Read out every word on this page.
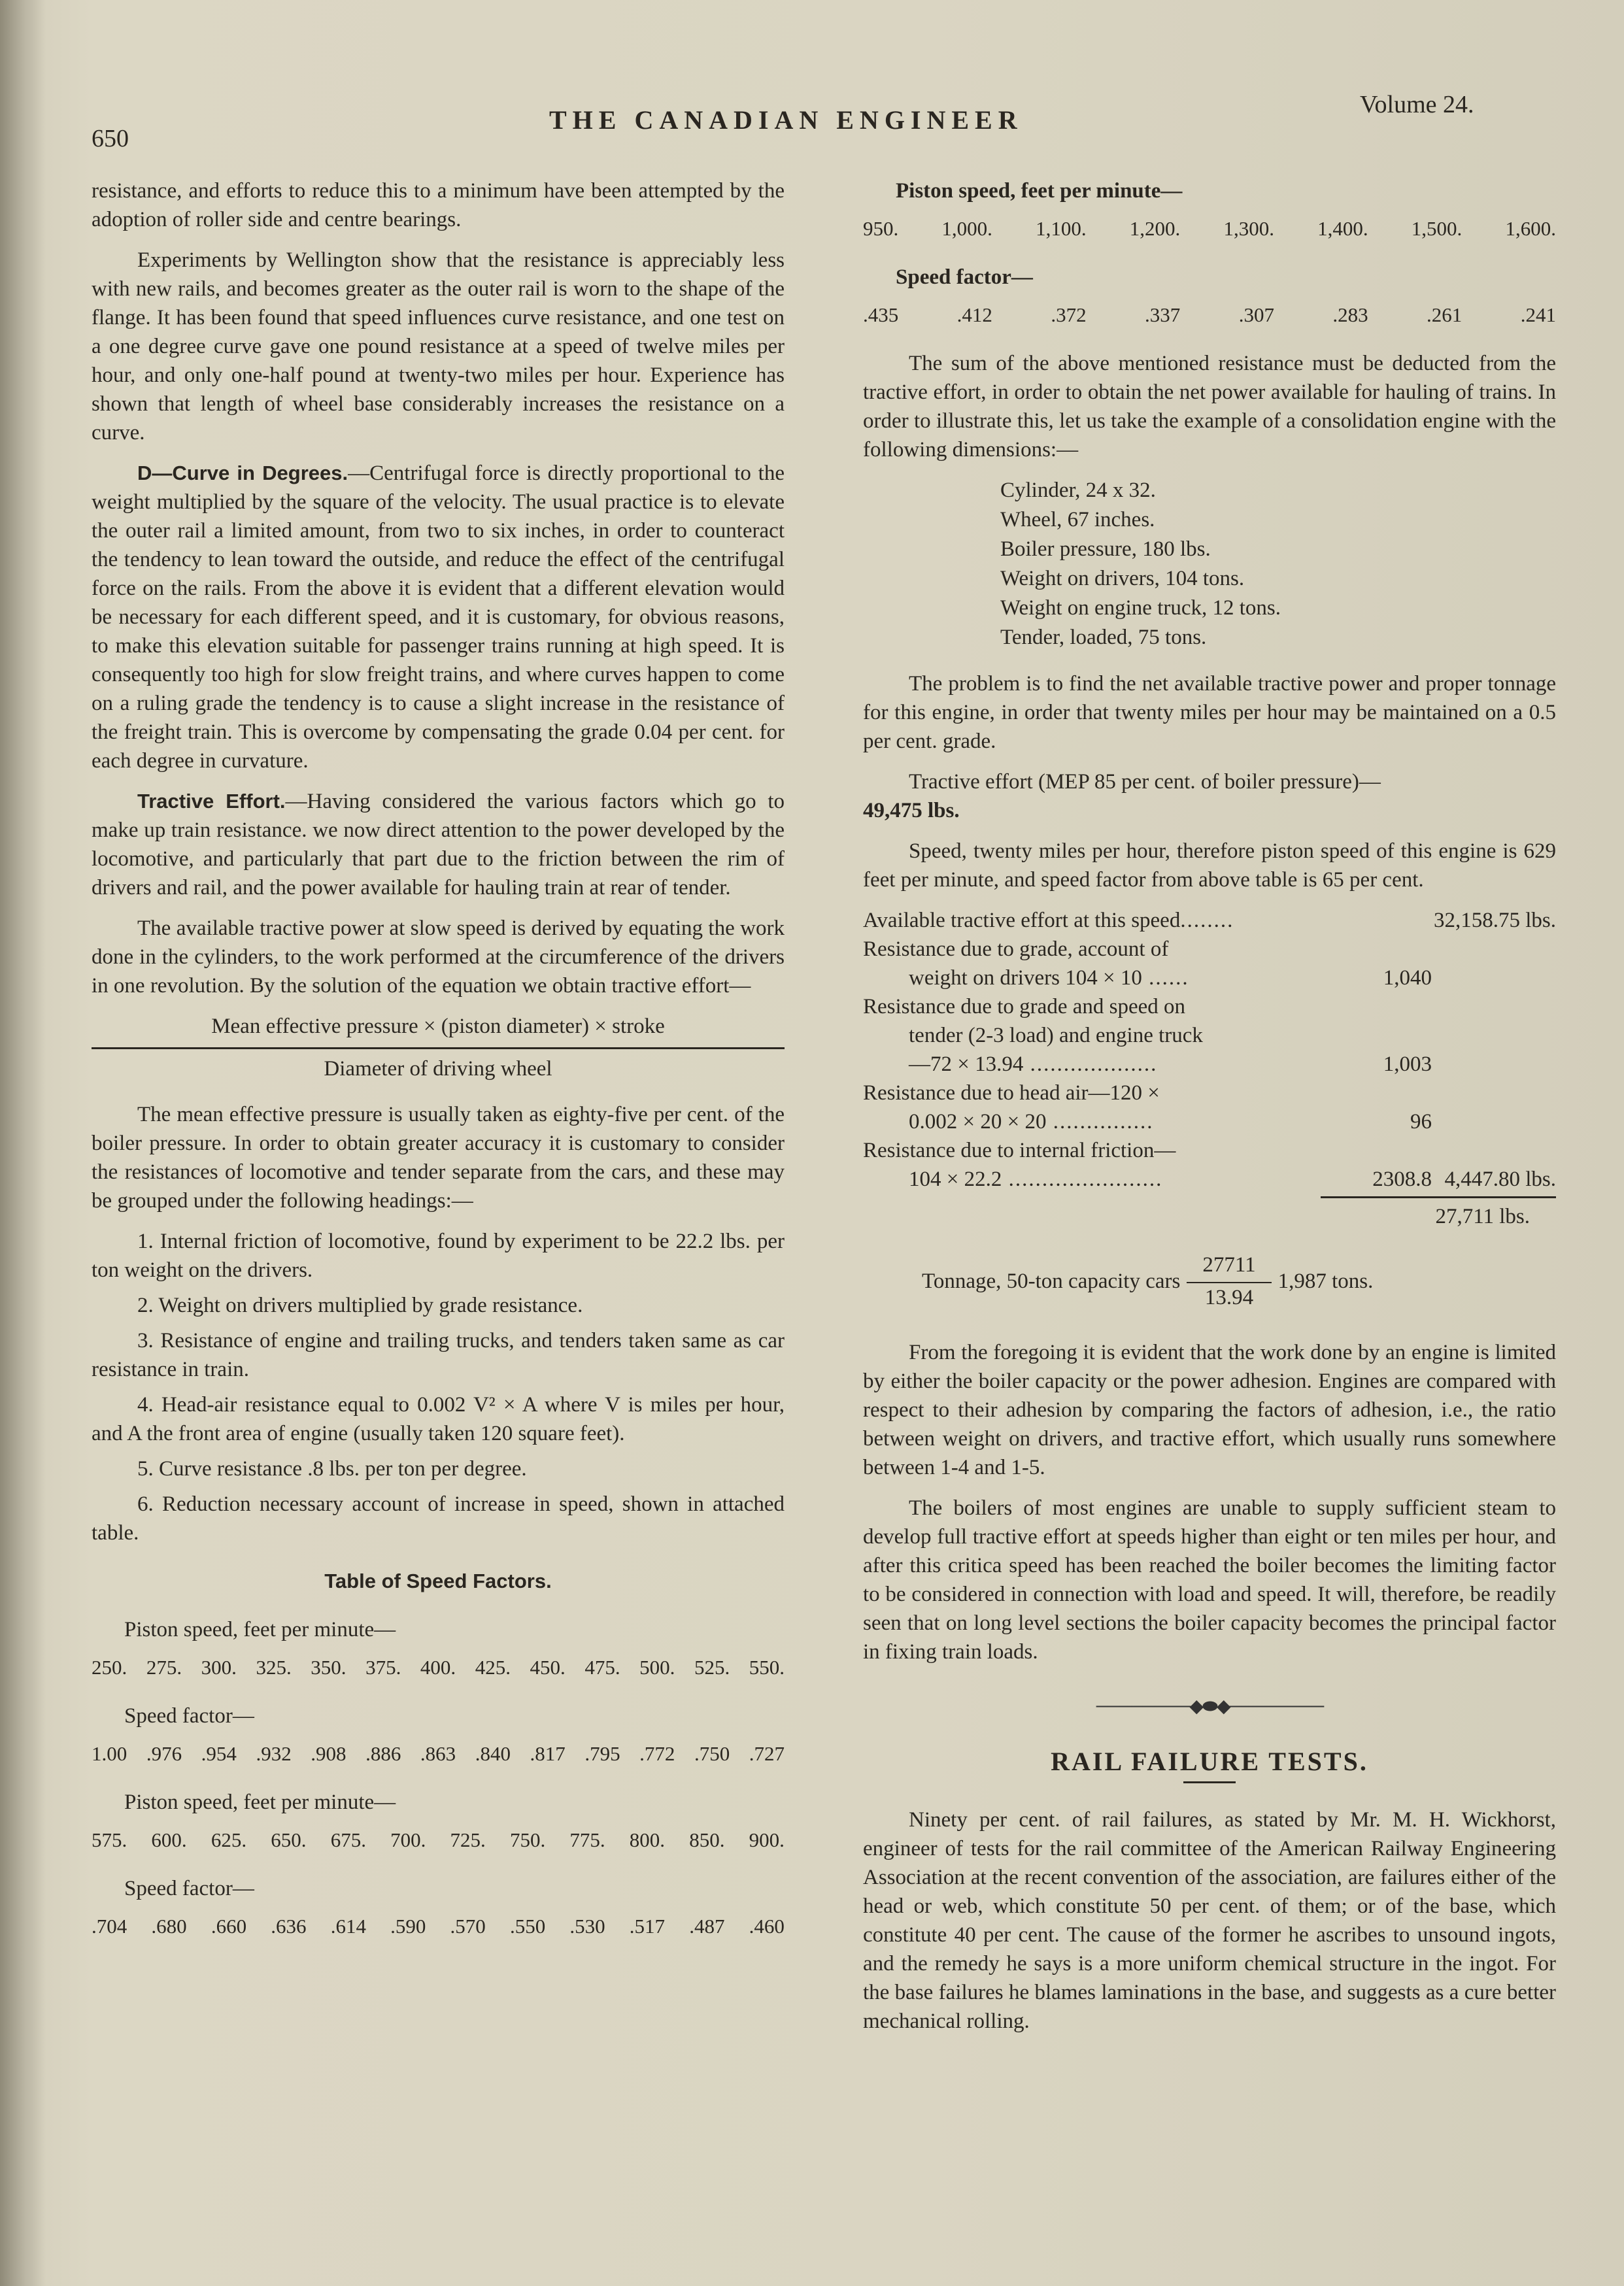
650
THE CANADIAN ENGINEER
Volume 24.

resistance, and efforts to reduce this to a minimum have been attempted by the adoption of roller side and centre bearings.

Experiments by Wellington show that the resistance is appreciably less with new rails, and becomes greater as the outer rail is worn to the shape of the flange. It has been found that speed influences curve resistance, and one test on a one degree curve gave one pound resistance at a speed of twelve miles per hour, and only one-half pound at twenty-two miles per hour. Experience has shown that length of wheel base considerably increases the resistance on a curve.

D—Curve in Degrees.—Centrifugal force is directly proportional to the weight multiplied by the square of the velocity. The usual practice is to elevate the outer rail a limited amount, from two to six inches, in order to counteract the tendency to lean toward the outside, and reduce the effect of the centrifugal force on the rails. From the above it is evident that a different elevation would be necessary for each different speed, and it is customary, for obvious reasons, to make this elevation suitable for passenger trains running at high speed. It is consequently too high for slow freight trains, and where curves happen to come on a ruling grade the tendency is to cause a slight increase in the resistance of the freight train. This is overcome by compensating the grade 0.04 per cent. for each degree in curvature.

Tractive Effort.—Having considered the various factors which go to make up train resistance. we now direct attention to the power developed by the locomotive, and particularly that part due to the friction between the rim of drivers and rail, and the power available for hauling train at rear of tender.

The available tractive power at slow speed is derived by equating the work done in the cylinders, to the work performed at the circumference of the drivers in one revolution. By the solution of the equation we obtain tractive effort—

Mean effective pressure × (piston diameter) × stroke
Diameter of driving wheel

The mean effective pressure is usually taken as eighty-five per cent. of the boiler pressure. In order to obtain greater accuracy it is customary to consider the resistances of locomotive and tender separate from the cars, and these may be grouped under the following headings:—

1. Internal friction of locomotive, found by experiment to be 22.2 lbs. per ton weight on the drivers.

2. Weight on drivers multiplied by grade resistance.

3. Resistance of engine and trailing trucks, and tenders taken same as car resistance in train.

4. Head-air resistance equal to 0.002 V² × A where V is miles per hour, and A the front area of engine (usually taken 120 square feet).

5. Curve resistance .8 lbs. per ton per degree.

6. Reduction necessary account of increase in speed, shown in attached table.

Table of Speed Factors.
Piston speed, feet per minute—
250. 275. 300. 325. 350. 375. 400. 425. 450. 475. 500. 525. 550.
Speed factor—
1.00 .976 .954 .932 .908 .886 .863 .840 .817 .795 .772 .750 .727
Piston speed, feet per minute—
575. 600. 625. 650. 675. 700. 725. 750. 775. 800. 850. 900.
Speed factor—
.704 .680 .660 .636 .614 .590 .570 .550 .530 .517 .487 .460
Piston speed, feet per minute—
950. 1,000. 1,100. 1,200. 1,300. 1,400. 1,500. 1,600.
Speed factor—
.435	.412	.372	.337	.307	.283	.261	.241

The sum of the above mentioned resistance must be deducted from the tractive effort, in order to obtain the net power available for hauling of trains. In order to illustrate this, let us take the example of a consolidation engine with the following dimensions:—

Cylinder, 24 x 32.
Wheel, 67 inches.
Boiler pressure, 180 lbs.
Weight on drivers, 104 tons.
Weight on engine truck, 12 tons.
Tender, loaded, 75 tons.

The problem is to find the net available tractive power and proper tonnage for this engine, in order that twenty miles per hour may be maintained on a 0.5 per cent. grade.

Tractive effort (MEP 85 per cent. of boiler pressure)—

49,475 lbs.

Speed, twenty miles per hour, therefore piston speed of this engine is 629 feet per minute, and speed factor from above table is 65 per cent.

Available tractive effort at this speed........	32,158.75 lbs.
Resistance due to grade, account of
weight on drivers 104 × 10 ......	1,040
Resistance due to grade and speed on
tender (2-3 load) and engine truck
—72 × 13.94 ...................	1,003
Resistance due to head air—120 ×
0.002 × 20 × 20 ...............	96
Resistance due to internal friction—
104 × 22.2 .......................	2308.8 4,447.80 lbs.
27,711 lbs.
Tonnage, 50-ton capacity cars $\frac{27711}{13.94} 1,987$ tons.

From the foregoing it is evident that the work done by an engine is limited by either the boiler capacity or the power adhesion. Engines are compared with respect to their adhesion by comparing the factors of adhesion, i.e., the ratio between weight on drivers, and tractive effort, which usually runs somewhere between 1-4 and 1-5.

The boilers of most engines are unable to supply sufficient steam to develop full tractive effort at speeds higher than eight or ten miles per hour, and after this critica speed has been reached the boiler becomes the limiting factor to be considered in connection with load and speed. It will, therefore, be readily seen that on long level sections the boiler capacity becomes the principal factor in fixing train loads.

────────◆⬬◆────────
RAIL FAILURE TESTS.

Ninety per cent. of rail failures, as stated by Mr. M. H. Wickhorst, engineer of tests for the rail committee of the American Railway Engineering Association at the recent convention of the association, are failures either of the head or web, which constitute 50 per cent. of them; or of the base, which constitute 40 per cent. The cause of the former he ascribes to unsound ingots, and the remedy he says is a more uniform chemical structure in the ingot. For the base failures he blames laminations in the base, and suggests as a cure better mechanical rolling.
